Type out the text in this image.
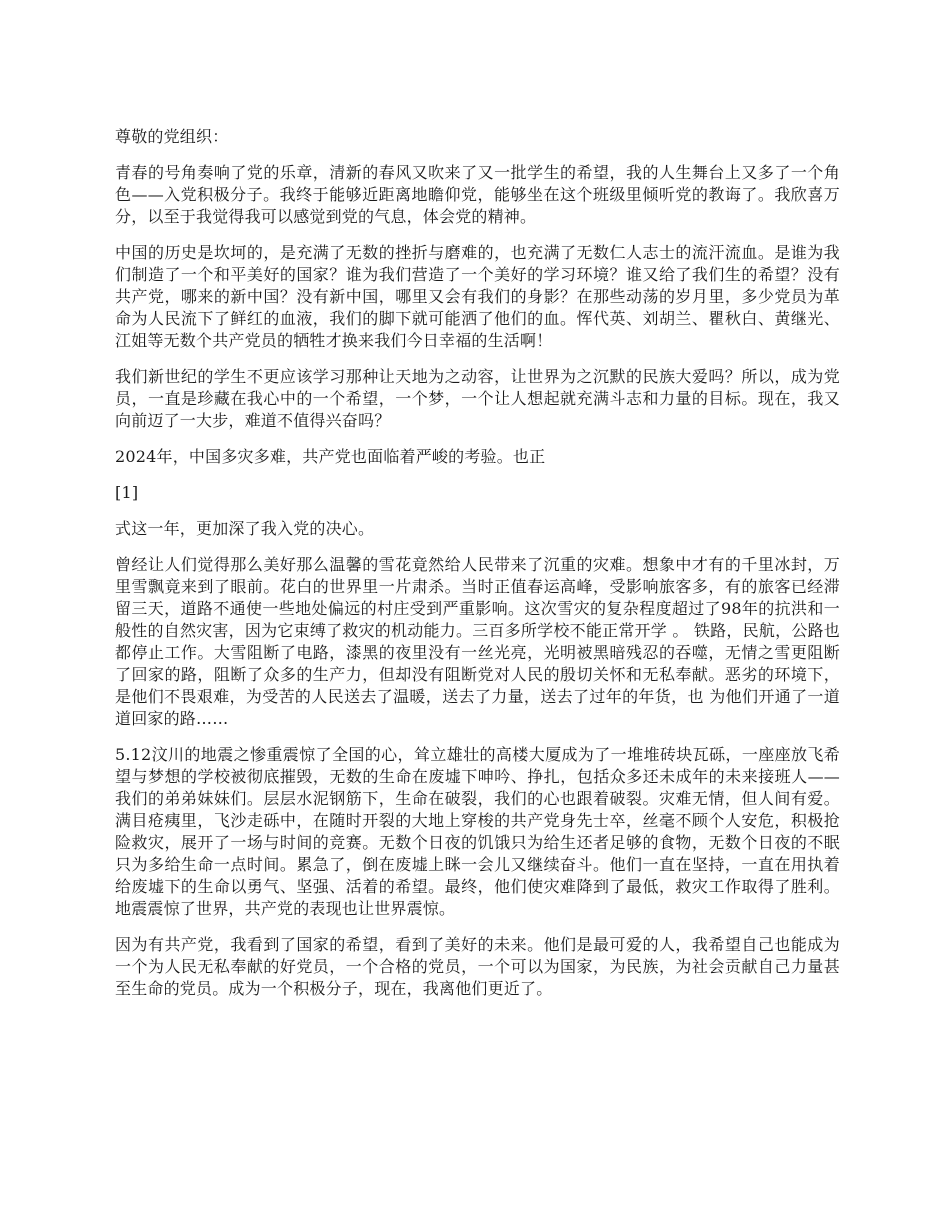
尊敬的党组织：

青春的号角奏响了党的乐章，清新的春风又吹来了又一批学生的希望，我的人生舞台上又多了一个角色——入党积极分子。我终于能够近距离地瞻仰党，能够坐在这个班级里倾听党的教诲了。我欣喜万分，以至于我觉得我可以感觉到党的气息，体会党的精神。

中国的历史是坎坷的，是充满了无数的挫折与磨难的，也充满了无数仁人志士的流汗流血。是谁为我们制造了一个和平美好的国家？谁为我们营造了一个美好的学习环境？谁又给了我们生的希望？没有共产党，哪来的新中国？没有新中国，哪里又会有我们的身影？在那些动荡的岁月里，多少党员为革命为人民流下了鲜红的血液，我们的脚下就可能洒了他们的血。恽代英、刘胡兰、瞿秋白、黄继光、江姐等无数个共产党员的牺牲才换来我们今日幸福的生活啊！

我们新世纪的学生不更应该学习那种让天地为之动容，让世界为之沉默的民族大爱吗？所以，成为党员，一直是珍藏在我心中的一个希望，一个梦，一个让人想起就充满斗志和力量的目标。现在，我又向前迈了一大步，难道不值得兴奋吗？

2024年，中国多灾多难，共产党也面临着严峻的考验。也正

[1]

式这一年，更加深了我入党的决心。

曾经让人们觉得那么美好那么温馨的雪花竟然给人民带来了沉重的灾难。想象中才有的千里冰封，万里雪飘竟来到了眼前。花白的世界里一片肃杀。当时正值春运高峰，受影响旅客多，有的旅客已经滞留三天，道路不通使一些地处偏远的村庄受到严重影响。这次雪灾的复杂程度超过了98年的抗洪和一般性的自然灾害，因为它束缚了救灾的机动能力。三百多所学校不能正常开学 。 铁路，民航，公路也都停止工作。大雪阻断了电路，漆黑的夜里没有一丝光亮，光明被黑暗残忍的吞噬，无情之雪更阻断了回家的路，阻断了众多的生产力，但却没有阻断党对人民的殷切关怀和无私奉献。恶劣的环境下，是他们不畏艰难，为受苦的人民送去了温暖，送去了力量，送去了过年的年货，也 为他们开通了一道道回家的路……

5.12汶川的地震之惨重震惊了全国的心，耸立雄壮的高楼大厦成为了一堆堆砖块瓦砾，一座座放飞希望与梦想的学校被彻底摧毁，无数的生命在废墟下呻吟、挣扎，包括众多还未成年的未来接班人——我们的弟弟妹妹们。层层水泥钢筋下，生命在破裂，我们的心也跟着破裂。灾难无情，但人间有爱。满目疮痍里，飞沙走砾中，在随时开裂的大地上穿梭的共产党身先士卒，丝毫不顾个人安危，积极抢险救灾，展开了一场与时间的竞赛。无数个日夜的饥饿只为给生还者足够的食物，无数个日夜的不眠只为多给生命一点时间。累急了，倒在废墟上眯一会儿又继续奋斗。他们一直在坚持，一直在用执着给废墟下的生命以勇气、坚强、活着的希望。最终，他们使灾难降到了最低，救灾工作取得了胜利。地震震惊了世界，共产党的表现也让世界震惊。

因为有共产党，我看到了国家的希望，看到了美好的未来。他们是最可爱的人，我希望自己也能成为一个为人民无私奉献的好党员，一个合格的党员，一个可以为国家，为民族，为社会贡献自己力量甚至生命的党员。成为一个积极分子，现在，我离他们更近了。
